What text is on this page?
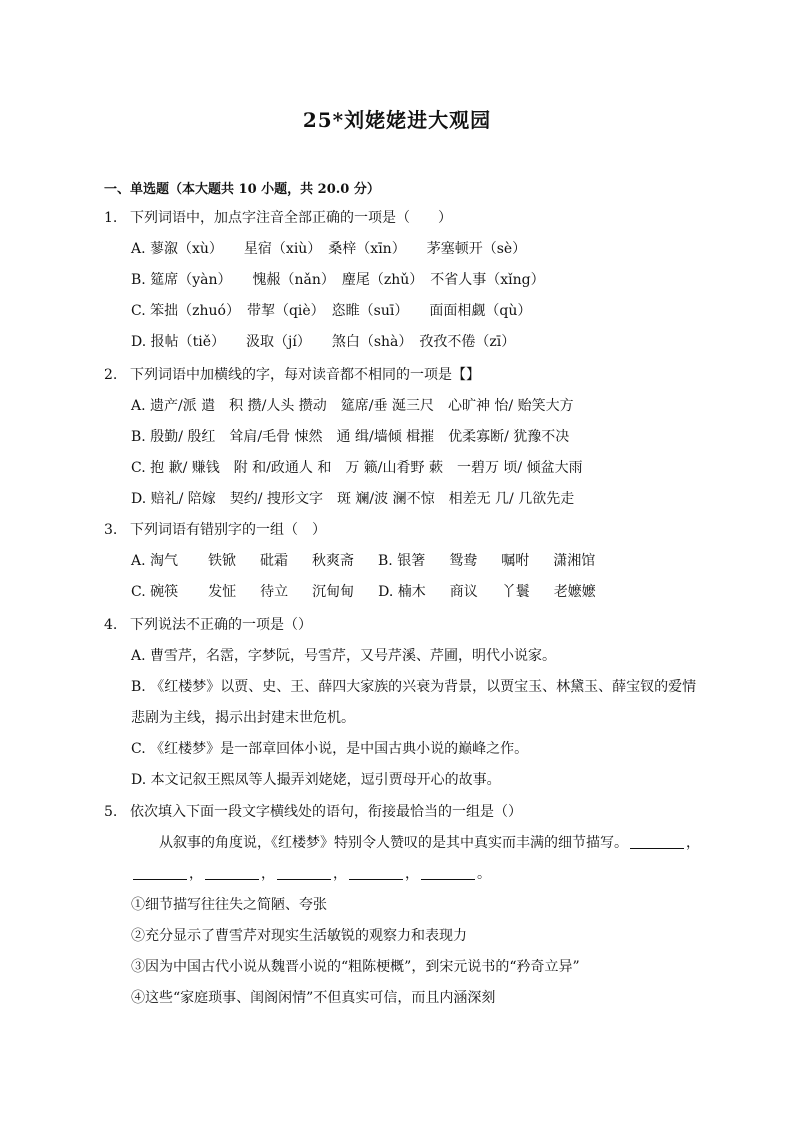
25*刘姥姥进大观园
一、单选题（本大题共 10 小题，共 20.0 分）
1. 下列词语中，加点字注音全部正确的一项是（　　）
A. 蓼溆（xù）　　星宿（xiù）　桑梓（xīn）　　茅塞顿开（sè）
B. 筵席（yàn）　　愧赧（nǎn）　麈尾（zhǔ）　不省人事（xǐng）
C. 笨拙（zhuó）　带挈（qiè）　恣睢（suī）　　面面相觑（qù）
D. 报帖（tiě）　　汲取（jí）　　煞白（shà）　孜孜不倦（zī）
2. 下列词语中加横线的字，每对读音都不相同的一项是【】
A. 遗产/派 遣　积 攒/人头 攒动　筵席/垂 涎三尺　心旷神 怡/ 贻笑大方
B. 殷勤/ 殷红　耸肩/毛骨 悚然　通 缉/墙倾 楫摧　优柔寡断/ 犹豫不决
C. 抱 歉/ 赚钱　附 和/政通人 和　万 籁/山肴野 蔌　一碧万 顷/ 倾盆大雨
D. 赔礼/ 陪嫁　契约/ 捜形文字　斑 斓/波 澜不惊　相差无 几/ 几欲先走
3. 下列词语有错别字的一组（　）
A. 淘气 铁锨 砒霜 秋爽斋 B. 银箸 鸳鸯 嘱咐 潇湘馆
C. 碗筷 发怔 待立 沉甸甸 D. 楠木 商议 丫鬟 老嬷嬷
4. 下列说法不正确的一项是（）
A. 曹雪芹，名霑，字梦阮，号雪芹，又号芹溪、芹圃，明代小说家。
B. 《红楼梦》以贾、史、王、薛四大家族的兴衰为背景，以贾宝玉、林黛玉、薛宝钗的爱情
悲剧为主线，揭示出封建末世危机。
C. 《红楼梦》是一部章回体小说，是中国古典小说的巅峰之作。
D. 本文记叙王熙凤等人撮弄刘姥姥，逗引贾母开心的故事。
5. 依次填入下面一段文字横线处的语句，衔接最恰当的一组是（）
从叙事的角度说，《红楼梦》特别令人赞叹的是其中真实而丰满的细节描写。	，
，	，	，	，	。
①细节描写往往失之简陋、夸张
②充分显示了曹雪芹对现实生活敏锐的观察力和表现力
③因为中国古代小说从魏晋小说的“粗陈梗概”，到宋元说书的“矜奇立异”
④这些“家庭琐事、闺阁闲情”不但真实可信，而且内涵深刻
